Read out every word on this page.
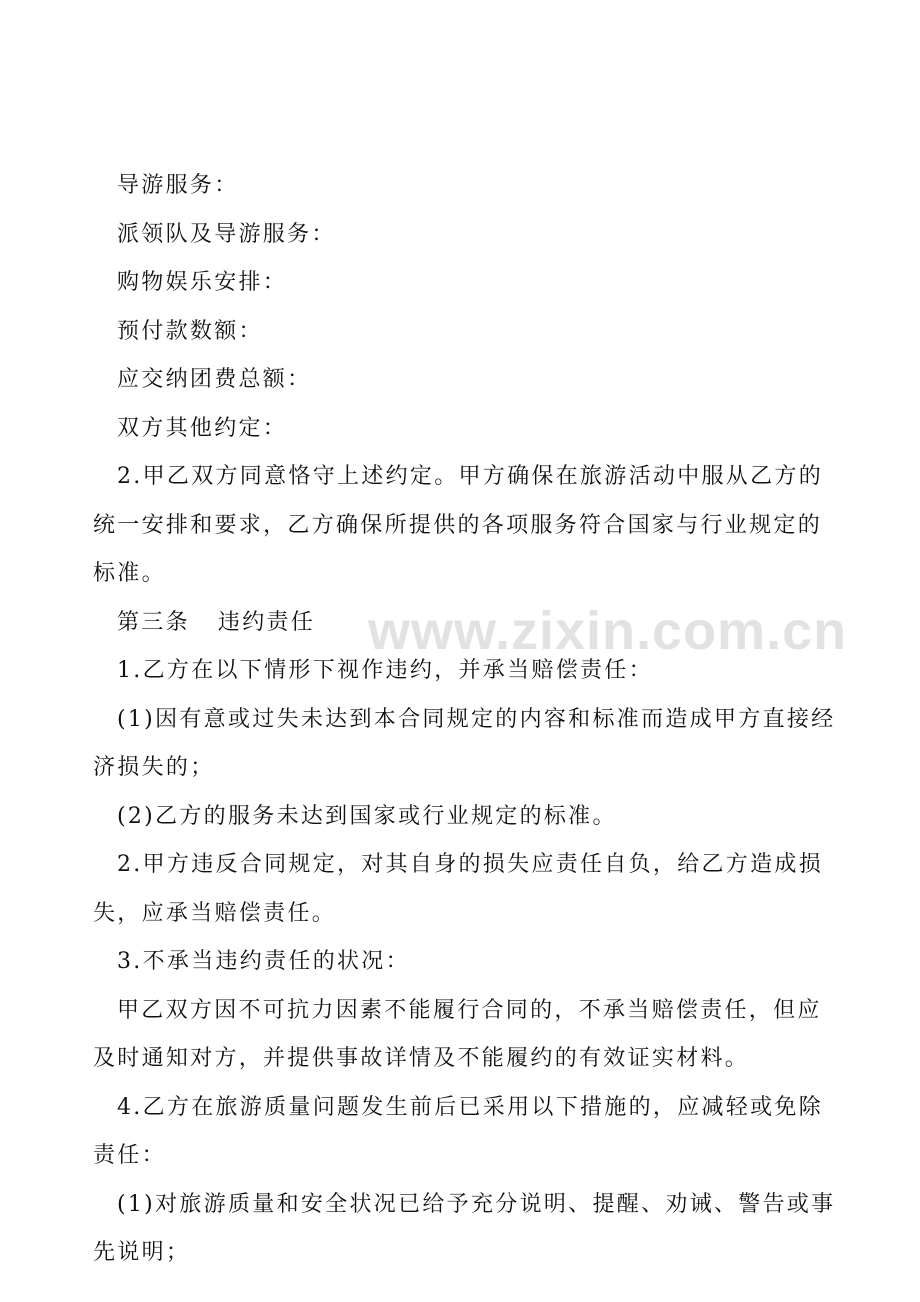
www.zixin.com.cn

导游服务：

派领队及导游服务：

购物娱乐安排：

预付款数额：

应交纳团费总额：

双方其他约定：

2.甲乙双方同意恪守上述约定。甲方确保在旅游活动中服从乙方的统一安排和要求，乙方确保所提供的各项服务符合国家与行业规定的标准。

第三条 违约责任

1.乙方在以下情形下视作违约，并承当赔偿责任：

(1)因有意或过失未达到本合同规定的内容和标准而造成甲方直接经济损失的；

(2)乙方的服务未达到国家或行业规定的标准。

2.甲方违反合同规定，对其自身的损失应责任自负，给乙方造成损失，应承当赔偿责任。

3.不承当违约责任的状况：

甲乙双方因不可抗力因素不能履行合同的，不承当赔偿责任，但应及时通知对方，并提供事故详情及不能履约的有效证实材料。

4.乙方在旅游质量问题发生前后已采用以下措施的，应减轻或免除责任：

(1)对旅游质量和安全状况已给予充分说明、提醒、劝诫、警告或事先说明；
